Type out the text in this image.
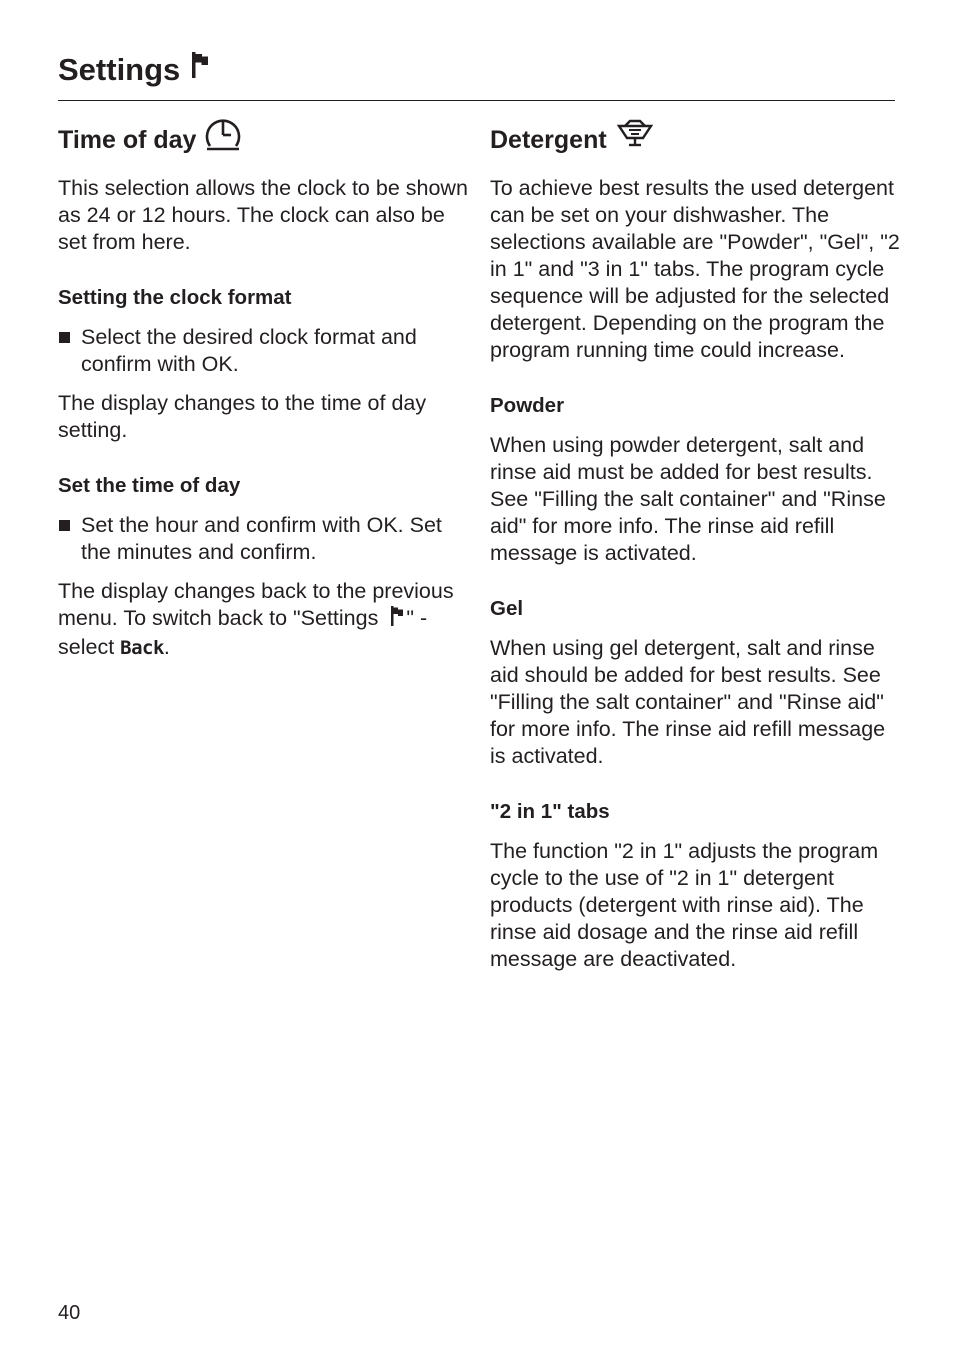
Settings
Time of day

This selection allows the clock to be shown as 24 or 12 hours. The clock can also be set from here.

Setting the clock format
Select the desired clock format and confirm with OK.

The display changes to the time of day setting.

Set the time of day
Set the hour and confirm with OK. Set the minutes and confirm.

The display changes back to the previous menu. To switch back to "Settings " - select Back.

Detergent

To achieve best results the used detergent can be set on your dishwasher. The selections available are "Powder", "Gel", "2 in 1" and "3 in 1" tabs. The program cycle sequence will be adjusted for the selected detergent. Depending on the program the program running time could increase.

Powder

When using powder detergent, salt and rinse aid must be added for best results. See "Filling the salt container" and "Rinse aid" for more info. The rinse aid refill message is activated.

Gel

When using gel detergent, salt and rinse aid should be added for best results. See "Filling the salt container" and "Rinse aid" for more info. The rinse aid refill message is activated.

"2 in 1" tabs

The function "2 in 1" adjusts the program cycle to the use of "2 in 1" detergent products (detergent with rinse aid). The rinse aid dosage and the rinse aid refill message are deactivated.

40
